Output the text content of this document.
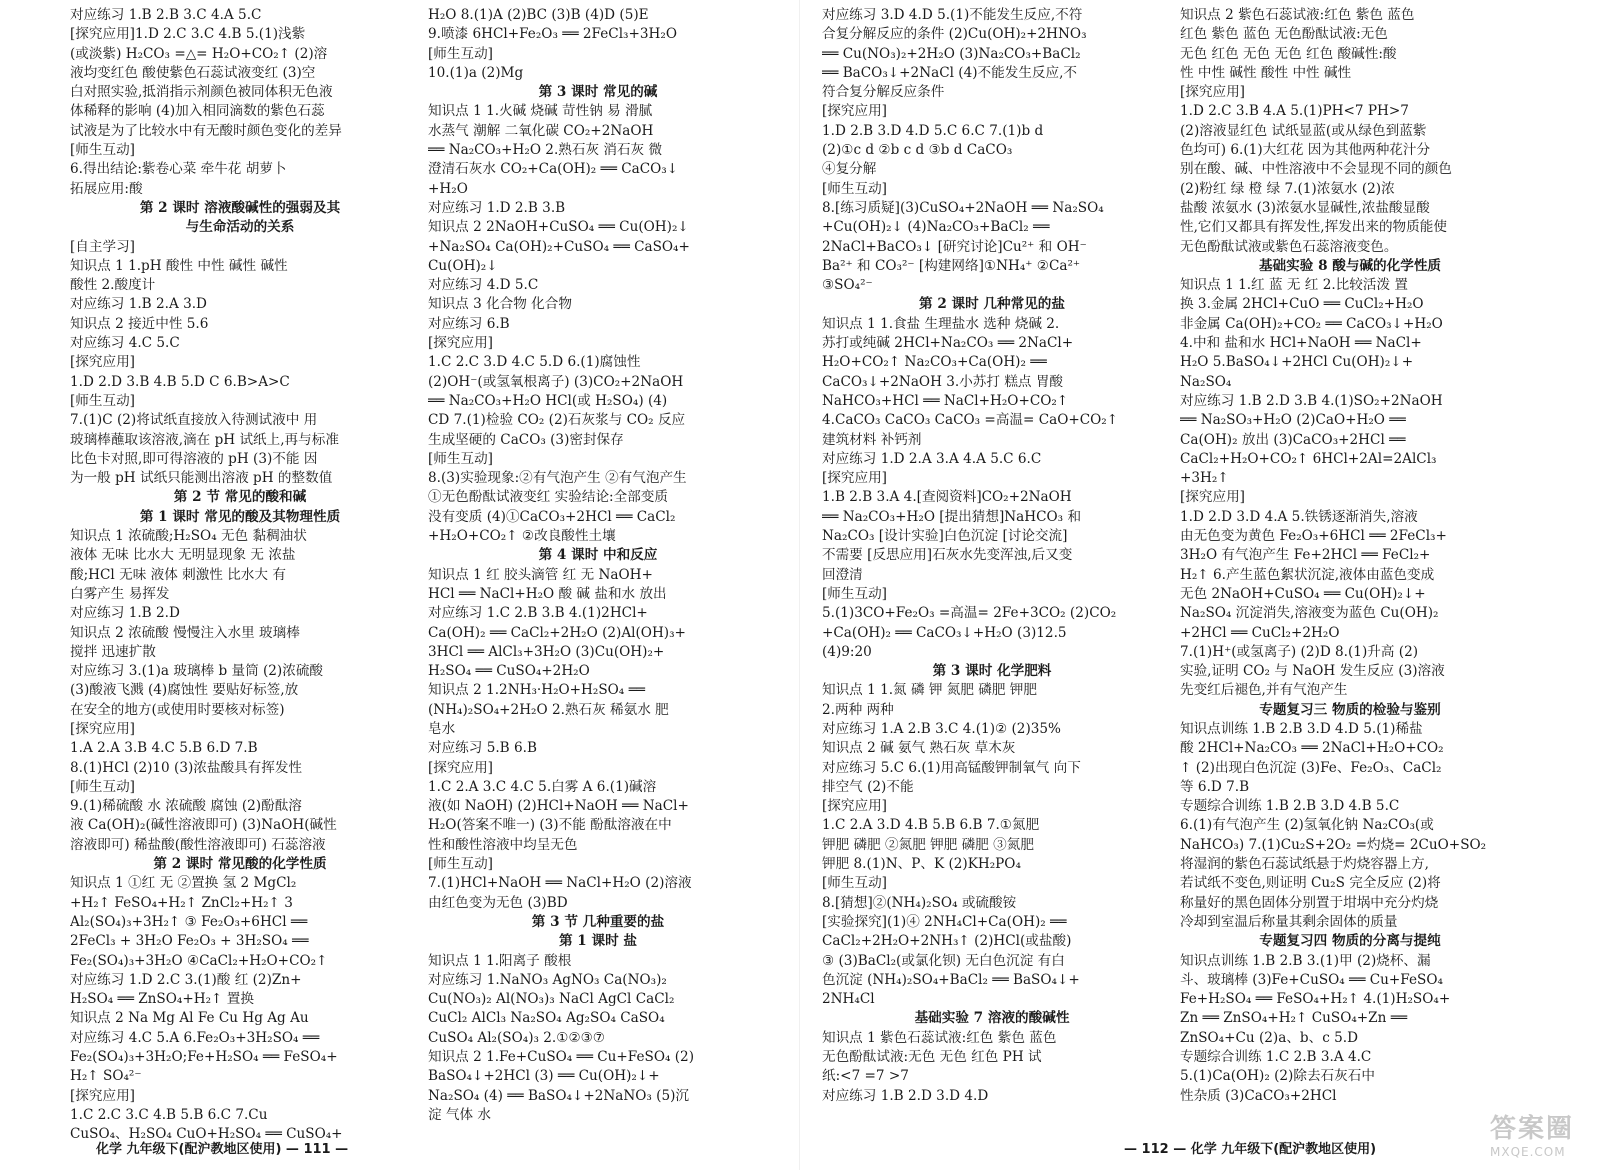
对应练习 1.B 2.B 3.C 4.A 5.C
[探究应用]1.D 2.C 3.C 4.B 5.(1)浅紫
(或淡紫) H₂CO₃ =△= H₂O+CO₂↑ (2)溶
液均变红色 酸使紫色石蕊试液变红 (3)空
白对照实验,抵消指示剂颜色被同体积无色液
体稀释的影响 (4)加入相同滴数的紫色石蕊
试液是为了比较水中有无酸时颜色变化的差异
[师生互动]
6.得出结论:紫卷心菜 牵牛花 胡萝卜
拓展应用:酸
第 2 课时 溶液酸碱性的强弱及其
与生命活动的关系
[自主学习]
知识点 1 1.pH 酸性 中性 碱性 碱性
酸性 2.酸度计
对应练习 1.B 2.A 3.D
知识点 2 接近中性 5.6
对应练习 4.C 5.C
[探究应用]
1.D 2.D 3.B 4.B 5.D C 6.B>A>C
[师生互动]
7.(1)C (2)将试纸直接放入待测试液中 用
玻璃棒蘸取该溶液,滴在 pH 试纸上,再与标准
比色卡对照,即可得溶液的 pH (3)不能 因
为一般 pH 试纸只能测出溶液 pH 的整数值
第 2 节 常见的酸和碱
第 1 课时 常见的酸及其物理性质
知识点 1 浓硫酸;H₂SO₄ 无色 黏稠油状
液体 无味 比水大 无明显现象 无 浓盐
酸;HCl 无味 液体 刺激性 比水大 有
白雾产生 易挥发
对应练习 1.B 2.D
知识点 2 浓硫酸 慢慢注入水里 玻璃棒
搅拌 迅速扩散
对应练习 3.(1)a 玻璃棒 b 量筒 (2)浓硫酸
(3)酸液飞溅 (4)腐蚀性 要贴好标签,放
在安全的地方(或使用时要核对标签)
[探究应用]
1.A 2.A 3.B 4.C 5.B 6.D 7.B
8.(1)HCl (2)10 (3)浓盐酸具有挥发性
[师生互动]
9.(1)稀硫酸 水 浓硫酸 腐蚀 (2)酚酞溶
液 Ca(OH)₂(碱性溶液即可) (3)NaOH(碱性
溶液即可) 稀盐酸(酸性溶液即可) 石蕊溶液
第 2 课时 常见酸的化学性质
知识点 1 ①红 无 ②置换 氢 2 MgCl₂
+H₂↑ FeSO₄+H₂↑ ZnCl₂+H₂↑ 3
Al₂(SO₄)₃+3H₂↑ ③ Fe₂O₃+6HCl ══
2FeCl₃ + 3H₂O Fe₂O₃ + 3H₂SO₄ ══
Fe₂(SO₄)₃+3H₂O ④CaCl₂+H₂O+CO₂↑
对应练习 1.D 2.C 3.(1)酸 红 (2)Zn+
H₂SO₄ ══ ZnSO₄+H₂↑ 置换
知识点 2 Na Mg Al Fe Cu Hg Ag Au
对应练习 4.C 5.A 6.Fe₂O₃+3H₂SO₄ ══
Fe₂(SO₄)₃+3H₂O;Fe+H₂SO₄ ══ FeSO₄+
H₂↑ SO₄²⁻
[探究应用]
1.C 2.C 3.C 4.B 5.B 6.C 7.Cu
CuSO₄、H₂SO₄ CuO+H₂SO₄ ══ CuSO₄+
H₂O 8.(1)A (2)BC (3)B (4)D (5)E
9.喷漆 6HCl+Fe₂O₃ ══ 2FeCl₃+3H₂O
[师生互动]
10.(1)a (2)Mg
第 3 课时 常见的碱
知识点 1 1.火碱 烧碱 苛性钠 易 滑腻
水蒸气 潮解 二氧化碳 CO₂+2NaOH
══ Na₂CO₃+H₂O 2.熟石灰 消石灰 微
澄清石灰水 CO₂+Ca(OH)₂ ══ CaCO₃↓
+H₂O
对应练习 1.D 2.B 3.B
知识点 2 2NaOH+CuSO₄ ══ Cu(OH)₂↓
+Na₂SO₄ Ca(OH)₂+CuSO₄ ══ CaSO₄+
Cu(OH)₂↓
对应练习 4.D 5.C
知识点 3 化合物 化合物
对应练习 6.B
[探究应用]
1.C 2.C 3.D 4.C 5.D 6.(1)腐蚀性
(2)OH⁻(或氢氧根离子) (3)CO₂+2NaOH
══ Na₂CO₃+H₂O HCl(或 H₂SO₄) (4)
CD 7.(1)检验 CO₂ (2)石灰浆与 CO₂ 反应
生成坚硬的 CaCO₃ (3)密封保存
[师生互动]
8.(3)实验现象:②有气泡产生 ②有气泡产生
①无色酚酞试液变红 实验结论:全部变质
没有变质 (4)①CaCO₃+2HCl ══ CaCl₂
+H₂O+CO₂↑ ②改良酸性土壤
第 4 课时 中和反应
知识点 1 红 胶头滴管 红 无 NaOH+
HCl ══ NaCl+H₂O 酸 碱 盐和水 放出
对应练习 1.C 2.B 3.B 4.(1)2HCl+
Ca(OH)₂ ══ CaCl₂+2H₂O (2)Al(OH)₃+
3HCl ══ AlCl₃+3H₂O (3)Cu(OH)₂+
H₂SO₄ ══ CuSO₄+2H₂O
知识点 2 1.2NH₃·H₂O+H₂SO₄ ══
(NH₄)₂SO₄+2H₂O 2.熟石灰 稀氨水 肥
皂水
对应练习 5.B 6.B
[探究应用]
1.C 2.A 3.C 4.C 5.白雾 A 6.(1)碱溶
液(如 NaOH) (2)HCl+NaOH ══ NaCl+
H₂O(答案不唯一) (3)不能 酚酞溶液在中
性和酸性溶液中均呈无色
[师生互动]
7.(1)HCl+NaOH ══ NaCl+H₂O (2)溶液
由红色变为无色 (3)BD
第 3 节 几种重要的盐
第 1 课时 盐
知识点 1 1.阳离子 酸根
对应练习 1.NaNO₃ AgNO₃ Ca(NO₃)₂
Cu(NO₃)₂ Al(NO₃)₃ NaCl AgCl CaCl₂
CuCl₂ AlCl₃ Na₂SO₄ Ag₂SO₄ CaSO₄
CuSO₄ Al₂(SO₄)₃ 2.①②③⑦
知识点 2 1.Fe+CuSO₄ ══ Cu+FeSO₄ (2)
BaSO₄↓+2HCl (3) ══ Cu(OH)₂↓+
Na₂SO₄ (4) ══ BaSO₄↓+2NaNO₃ (5)沉
淀 气体 水
对应练习 3.D 4.D 5.(1)不能发生反应,不符
合复分解反应的条件 (2)Cu(OH)₂+2HNO₃
══ Cu(NO₃)₂+2H₂O (3)Na₂CO₃+BaCl₂
══ BaCO₃↓+2NaCl (4)不能发生反应,不
符合复分解反应条件
[探究应用]
1.D 2.B 3.D 4.D 5.C 6.C 7.(1)b d
(2)①c d ②b c d ③b d CaCO₃
④复分解
[师生互动]
8.[练习质疑](3)CuSO₄+2NaOH ══ Na₂SO₄
+Cu(OH)₂↓ (4)Na₂CO₃+BaCl₂ ══
2NaCl+BaCO₃↓ [研究讨论]Cu²⁺ 和 OH⁻
Ba²⁺ 和 CO₃²⁻ [构建网络]①NH₄⁺ ②Ca²⁺
③SO₄²⁻
第 2 课时 几种常见的盐
知识点 1 1.食盐 生理盐水 选种 烧碱 2.
苏打或纯碱 2HCl+Na₂CO₃ ══ 2NaCl+
H₂O+CO₂↑ Na₂CO₃+Ca(OH)₂ ══
CaCO₃↓+2NaOH 3.小苏打 糕点 胃酸
NaHCO₃+HCl ══ NaCl+H₂O+CO₂↑
4.CaCO₃ CaCO₃ CaCO₃ =高温= CaO+CO₂↑
建筑材料 补钙剂
对应练习 1.D 2.A 3.A 4.A 5.C 6.C
[探究应用]
1.B 2.B 3.A 4.[查阅资料]CO₂+2NaOH
══ Na₂CO₃+H₂O [提出猜想]NaHCO₃ 和
Na₂CO₃ [设计实验]白色沉淀 [讨论交流]
不需要 [反思应用]石灰水先变浑浊,后又变
回澄清
[师生互动]
5.(1)3CO+Fe₂O₃ =高温= 2Fe+3CO₂ (2)CO₂
+Ca(OH)₂ ══ CaCO₃↓+H₂O (3)12.5
(4)9:20
第 3 课时 化学肥料
知识点 1 1.氮 磷 钾 氮肥 磷肥 钾肥
2.两种 两种
对应练习 1.A 2.B 3.C 4.(1)② (2)35%
知识点 2 碱 氨气 熟石灰 草木灰
对应练习 5.C 6.(1)用高锰酸钾制氧气 向下
排空气 (2)不能
[探究应用]
1.C 2.A 3.D 4.B 5.B 6.B 7.①氮肥
钾肥 磷肥 ②氮肥 钾肥 磷肥 ③氮肥
钾肥 8.(1)N、P、K (2)KH₂PO₄
[师生互动]
8.[猜想]②(NH₄)₂SO₄ 或硫酸铵
[实验探究](1)④ 2NH₄Cl+Ca(OH)₂ ══
CaCl₂+2H₂O+2NH₃↑ (2)HCl(或盐酸)
③ (3)BaCl₂(或氯化钡) 无白色沉淀 有白
色沉淀 (NH₄)₂SO₄+BaCl₂ ══ BaSO₄↓+
2NH₄Cl
基础实验 7 溶液的酸碱性
知识点 1 紫色石蕊试液:红色 紫色 蓝色
无色酚酞试液:无色 无色 红色 PH 试
纸:<7 =7 >7
对应练习 1.B 2.D 3.D 4.D
知识点 2 紫色石蕊试液:红色 紫色 蓝色
红色 紫色 蓝色 无色酚酞试液:无色
无色 红色 无色 无色 红色 酸碱性:酸
性 中性 碱性 酸性 中性 碱性
[探究应用]
1.D 2.C 3.B 4.A 5.(1)PH<7 PH>7
(2)溶液显红色 试纸显蓝(或从绿色到蓝紫
色均可) 6.(1)大红花 因为其他两种花汁分
别在酸、碱、中性溶液中不会显现不同的颜色
(2)粉红 绿 橙 绿 7.(1)浓氨水 (2)浓
盐酸 浓氨水 (3)浓氨水显碱性,浓盐酸显酸
性,它们又都具有挥发性,挥发出来的物质能使
无色酚酞试液或紫色石蕊溶液变色。
基础实验 8 酸与碱的化学性质
知识点 1 1.红 蓝 无 红 2.比较活泼 置
换 3.金属 2HCl+CuO ══ CuCl₂+H₂O
非金属 Ca(OH)₂+CO₂ ══ CaCO₃↓+H₂O
4.中和 盐和水 HCl+NaOH ══ NaCl+
H₂O 5.BaSO₄↓+2HCl Cu(OH)₂↓+
Na₂SO₄
对应练习 1.B 2.D 3.B 4.(1)SO₂+2NaOH
══ Na₂SO₃+H₂O (2)CaO+H₂O ══
Ca(OH)₂ 放出 (3)CaCO₃+2HCl ══
CaCl₂+H₂O+CO₂↑ 6HCl+2Al=2AlCl₃
+3H₂↑
[探究应用]
1.D 2.D 3.D 4.A 5.铁锈逐渐消失,溶液
由无色变为黄色 Fe₂O₃+6HCl ══ 2FeCl₃+
3H₂O 有气泡产生 Fe+2HCl ══ FeCl₂+
H₂↑ 6.产生蓝色絮状沉淀,液体由蓝色变成
无色 2NaOH+CuSO₄ ══ Cu(OH)₂↓+
Na₂SO₄ 沉淀消失,溶液变为蓝色 Cu(OH)₂
+2HCl ══ CuCl₂+2H₂O
7.(1)H⁺(或氢离子) (2)D 8.(1)升高 (2)
实验,证明 CO₂ 与 NaOH 发生反应 (3)溶液
先变红后褪色,并有气泡产生
专题复习三 物质的检验与鉴别
知识点训练 1.B 2.B 3.D 4.D 5.(1)稀盐
酸 2HCl+Na₂CO₃ ══ 2NaCl+H₂O+CO₂
↑ (2)出现白色沉淀 (3)Fe、Fe₂O₃、CaCl₂
等 6.D 7.B
专题综合训练 1.B 2.B 3.D 4.B 5.C
6.(1)有气泡产生 (2)氢氧化钠 Na₂CO₃(或
NaHCO₃) 7.(1)Cu₂S+2O₂ =灼烧= 2CuO+SO₂
将湿润的紫色石蕊试纸悬于灼烧容器上方,
若试纸不变色,则证明 Cu₂S 完全反应 (2)将
称量好的黑色固体分别置于坩埚中充分灼烧
冷却到室温后称量其剩余固体的质量
专题复习四 物质的分离与提纯
知识点训练 1.B 2.B 3.(1)甲 (2)烧杯、漏
斗、玻璃棒 (3)Fe+CuSO₄ ══ Cu+FeSO₄
Fe+H₂SO₄ ══ FeSO₄+H₂↑ 4.(1)H₂SO₄+
Zn ══ ZnSO₄+H₂↑ CuSO₄+Zn ══
ZnSO₄+Cu (2)a、b、c 5.D
专题综合训练 1.C 2.B 3.A 4.C
5.(1)Ca(OH)₂ (2)除去石灰石中
性杂质 (3)CaCO₃+2HCl
化学 九年级下(配沪教地区使用) — 111 —	— 112 — 化学 九年级下(配沪教地区使用)
答案圈
MXQE.COM
